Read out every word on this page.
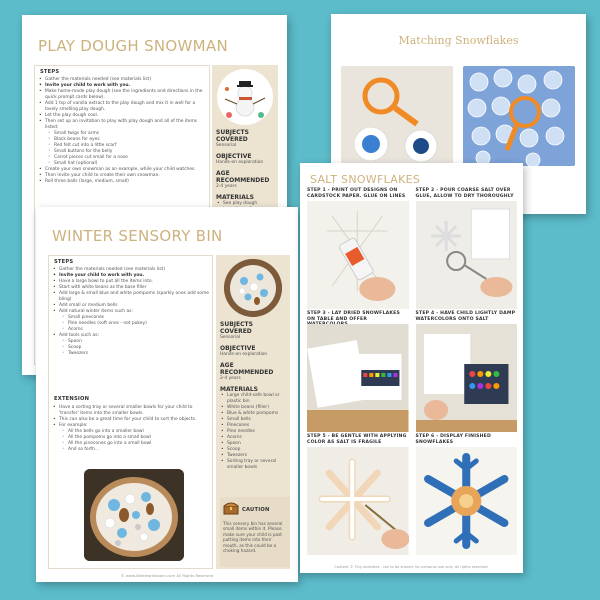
PLAY DOUGH SNOWMAN
STEPS
• Gather the materials needed (see materials list)
• Invite your child to work with you.
• Make home-made play dough (see the ingredients and directions in the quick prompt cards below).
• Add 1 tsp of vanilla extract to the play dough and mix it in well for a lovely smelling play dough.
• Let the play dough cool.
• Then set up an invitation to play with play dough and all of the items listed:
◦ Small twigs for arms
◦ Black beans for eyes
◦ Red felt cut into a little scarf
◦ Small buttons for the belly
◦ Carrot pieces cut small for a nose
◦ Small hat (optional)
• Create your own snowman as an example, while your child watches.
• Then invite your child to create their own snowman.
• Roll three balls (large, medium, small)
SUBJECTS COVERED
Sensorial
OBJECTIVE
Hands-on exploration
AGE RECOMMENDED
2-4 years
MATERIALS
• See play dough
Matching Snowflakes
WINTER SENSORY BIN
STEPS
• Gather the materials needed (see materials list)
• Invite your child to work with you.
• Have a large bowl to put all the items into.
• Start with white beans as the base filler
• Add large & small blue and white pompoms (sparkly ones add some bling)
• Add small or medium bells
• Add natural winter items such as:
◦ Small pinecones
◦ Pine needles (soft ones - not pokey)
◦ Acorns
• Add tools such as:
◦ Spoon
◦ Scoop
◦ Tweezers
EXTENSION
• Have a sorting tray or several smaller bowls for your child to 'transfer' items into the smaller bowls.
• This can also be a great time for your child to sort the objects.
• For example:
◦ All the bells go into a smaller bowl
◦ All the pompoms go into a small bowl
◦ All the pinecones go into a small bowl
◦ And so forth...
SUBJECTS COVERED
Sensorial
OBJECTIVE
Hands-on exploration
AGE RECOMMENDED
2-4 years
MATERIALS
• Large child-safe bowl or plastic bin
• White beans (filler)
• Blue & white pompoms
• Small bells
• Pinecones
• Pine needles
• Acorns
• Spoon
• Scoop
• Tweezers
• Sorting tray or several smaller bowls
CAUTION
This sensory bin has several small items within it. Please make sure your child is past putting items into their mouth, as this could be a choking hazard.
© www.littlelearnbloom.com All Rights Reserved
SALT SNOWFLAKES
STEP 1 - PRINT OUT DESIGNS ON CARDSTOCK PAPER. GLUE ON LINES
STEP 2 - POUR COARSE SALT OVER GLUE, ALLOW TO DRY THOROUGHLY
STEP 3 - LAY DRIED SNOWFLAKES ON TABLE AND OFFER
STEP 4 - HAVE CHILD LIGHTLY DAMP WATERCOLORS ONTO SALT
STEP 5 - BE GENTLE WITH APPLYING COLOR AS SALT IS FRAGILE
STEP 6 - DISPLAY FINISHED SNOWFLAKES
Content © Tiny Activities - not to be shared; for personal use only. All rights reserved.
